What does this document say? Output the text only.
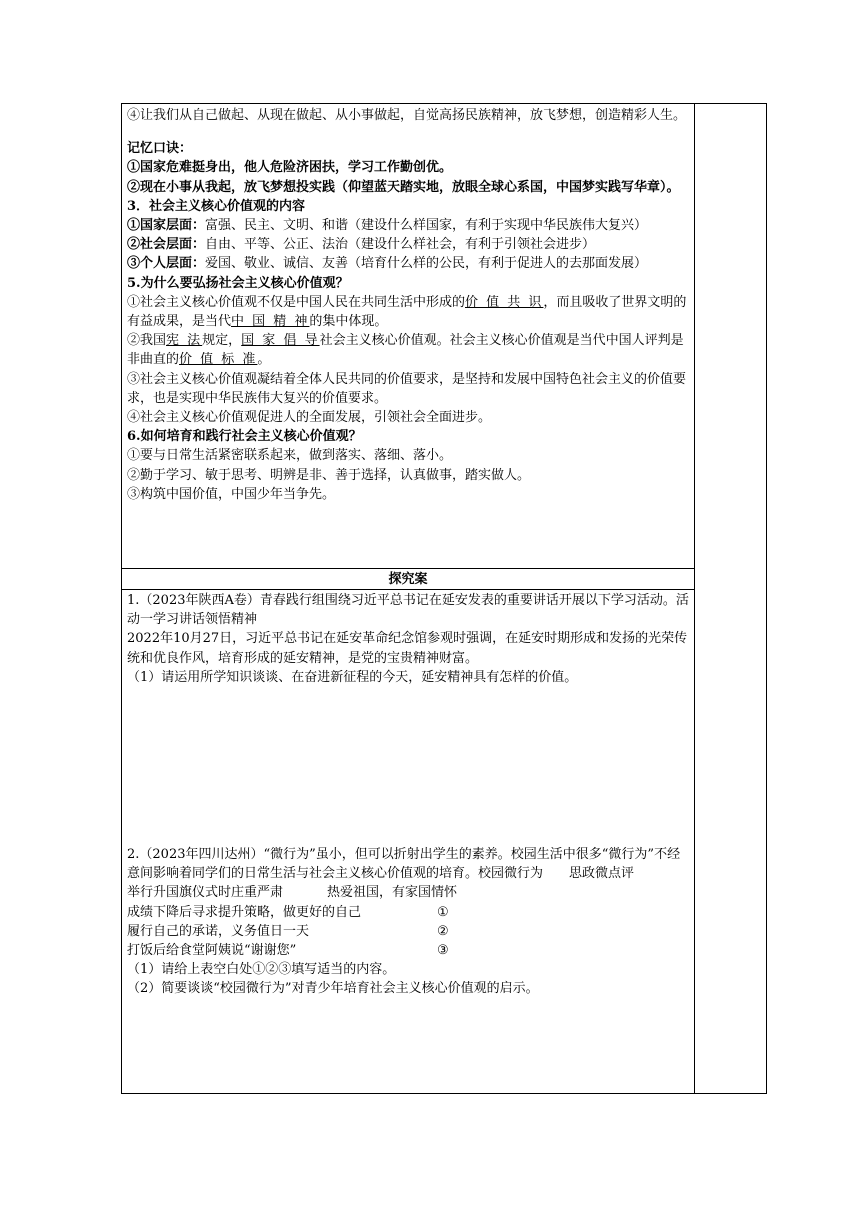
④让我们从自己做起、从现在做起、从小事做起，自觉高扬民族精神，放飞梦想，创造精彩人生。

记忆口诀：

①国家危难挺身出，他人危险济困扶，学习工作勤创优。

②现在小事从我起，放飞梦想投实践（仰望蓝天踏实地，放眼全球心系国，中国梦实践写华章）。

3．社会主义核心价值观的内容

①国家层面：富强、民主、文明、和谐（建设什么样国家，有利于实现中华民族伟大复兴）

②社会层面：自由、平等、公正、法治（建设什么样社会，有利于引领社会进步）

③个人层面：爱国、敬业、诚信、友善（培育什么样的公民，有利于促进人的去那面发展）

5.为什么要弘扬社会主义核心价值观？

①社会主义核心价值观不仅是中国人民在共同生活中形成的价 值 共 识，而且吸收了世界文明的有益成果，是当代中 国 精 神的集中体现。

②我国宪 法规定，国 家 倡 导社会主义核心价值观。社会主义核心价值观是当代中国人评判是非曲直的价 值 标 准。

③社会主义核心价值观凝结着全体人民共同的价值要求，是坚持和发展中国特色社会主义的价值要求，也是实现中华民族伟大复兴的价值要求。

④社会主义核心价值观促进人的全面发展，引领社会全面进步。

6.如何培育和践行社会主义核心价值观？

①要与日常生活紧密联系起来，做到落实、落细、落小。

②勤于学习、敏于思考、明辨是非、善于选择，认真做事，踏实做人。

③构筑中国价值，中国少年当争先。

探究案

1.（2023年陕西A卷）青春践行组围绕习近平总书记在延安发表的重要讲话开展以下学习活动。活动一学习讲话领悟精神

2022年10月27日，习近平总书记在延安革命纪念馆参观时强调，在延安时期形成和发扬的光荣传统和优良作风，培育形成的延安精神，是党的宝贵精神财富。

（1）请运用所学知识谈谈、在奋进新征程的今天，延安精神具有怎样的价值。

2.（2023年四川达州）“微行为”虽小，但可以折射出学生的素养。校园生活中很多“微行为”不经意间影响着同学们的日常生活与社会主义核心价值观的培育。校园微行为　　思政微点评

举行升国旗仪式时庄重严肃	热爱祖国，有家国情怀
成绩下降后寻求提升策略，做更好的自己	①
履行自己的承诺，义务值日一天	②
打饭后给食堂阿姨说“谢谢您”	③

（1）请给上表空白处①②③填写适当的内容。

（2）简要谈谈“校园微行为”对青少年培育社会主义核心价值观的启示。
